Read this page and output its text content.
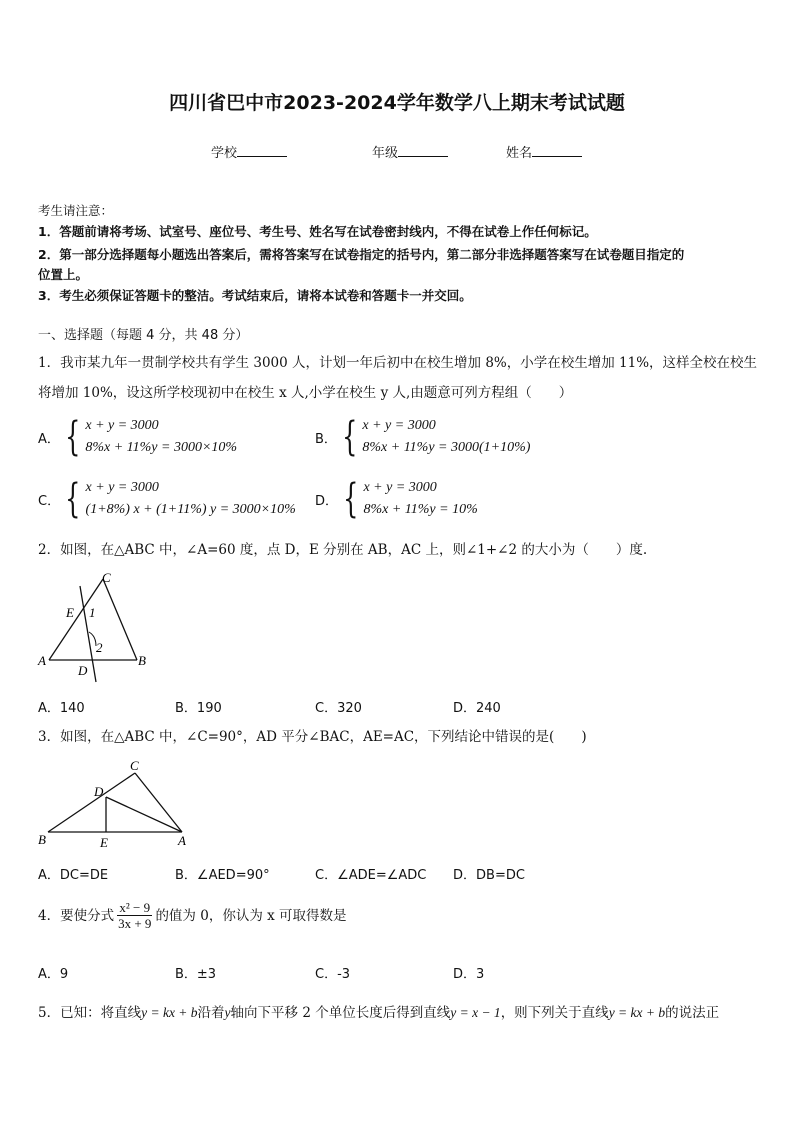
四川省巴中市2023-2024学年数学八上期末考试试题
学校	年级	姓名
考生请注意：
1．答题前请将考场、试室号、座位号、考生号、姓名写在试卷密封线内，不得在试卷上作任何标记。
2．第一部分选择题每小题选出答案后，需将答案写在试卷指定的括号内，第二部分非选择题答案写在试卷题目指定的
位置上。
3．考生必须保证答题卡的整洁。考试结束后，请将本试卷和答题卡一并交回。
一、选择题（每题 4 分，共 48 分）
1．我市某九年一贯制学校共有学生 3000 人，计划一年后初中在校生增加 8%，小学在校生增加 11%，这样全校在校生
将增加 10%，设这所学校现初中在校生 x 人,小学在校生 y 人,由题意可列方程组（　　）
A． { x + y = 3000
8%x + 11%y = 3000×10%
B． { x + y = 3000
8%x + 11%y = 3000(1+10%)
C． { x + y = 3000
(1+8%) x + (1+11%) y = 3000×10%
D． { x + y = 3000
8%x + 11%y = 10%
2．如图，在△ABC 中，∠A=60 度，点 D，E 分别在 AB，AC 上，则∠1+∠2 的大小为（　　）度.
C
E 1
2
A
D
B
A．140	B．190	C．320	D．240
3．如图，在△ABC 中，∠C=90°，AD 平分∠BAC，AE=AC，下列结论中错误的是(　　)
C
D
B	E	A
A．DC=DE	B．∠AED=90°	C．∠ADE=∠ADC D．DB=DC
4．要使分式 $\frac{\text{x² − 9}}{3x + 9}$ 的值为 0，你认为 x 可取得数是
A．9	B．±3	C．-3	D．3
5．已知：将直线y = kx + b沿着y轴向下平移 2 个单位长度后得到直线y = x − 1，则下列关于直线y = kx + b的说法正
